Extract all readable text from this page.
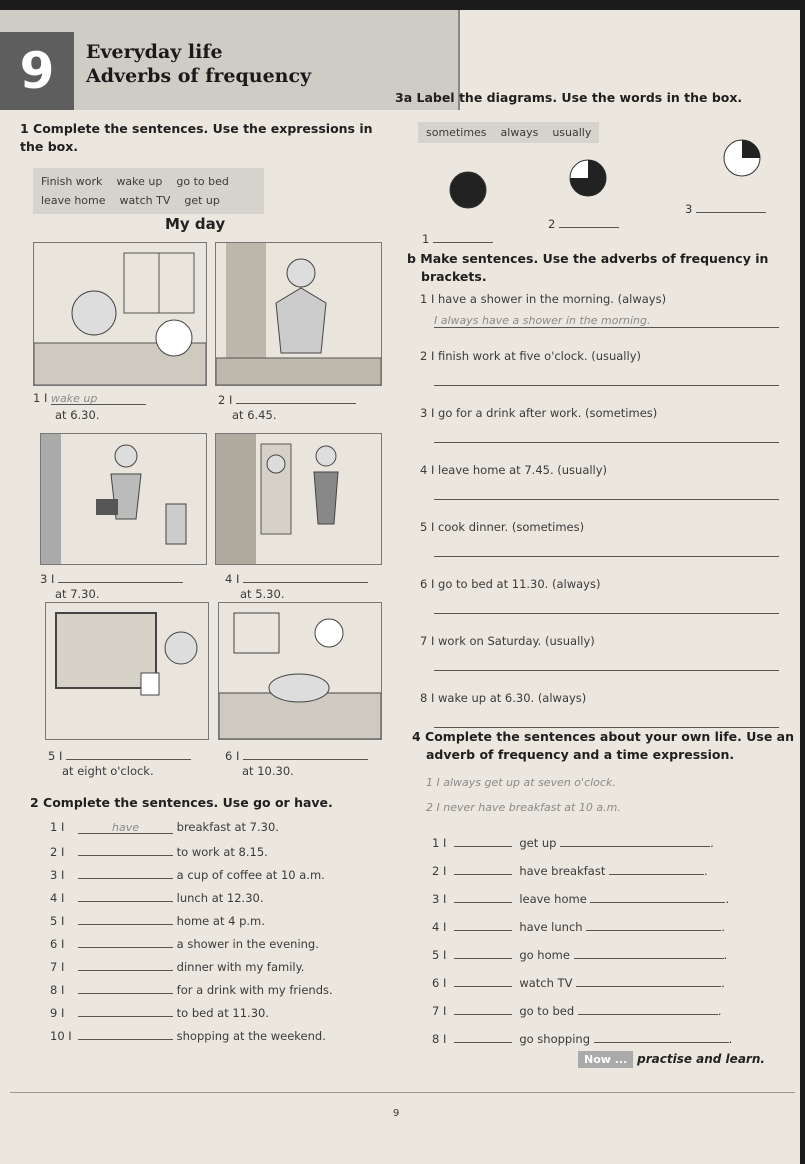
9	Everyday life
Adverbs of frequency
1 Complete the sentences. Use the expressions in the box.
Finish work wake up go to bed
leave home watch TV get up
My day
1 I wake up
at 6.30.
2 I
at 6.45.
3 I
at 7.30.
4 I
at 5.30.
5 I
at eight o'clock.
6 I
at 10.30.
2 Complete the sentences. Use go or have.
1 I	have	breakfast at 7.30.
2 I	to work at 8.15.
3 I	a cup of coffee at 10 a.m.
4 I	lunch at 12.30.
5 I	home at 4 p.m.
6 I	a shower in the evening.
7 I	dinner with my family.
8 I	for a drink with my friends.
9 I	to bed at 11.30.
10 I	shopping at the weekend.
3a Label the diagrams. Use the words in the box.
sometimes always usually
1
2
3
b Make sentences. Use the adverbs of frequency in
brackets.
1 I have a shower in the morning. (always)
I always have a shower in the morning.
2 I finish work at five o'clock. (usually)
3 I go for a drink after work. (sometimes)
4 I leave home at 7.45. (usually)
5 I cook dinner. (sometimes)
6 I go to bed at 11.30. (always)
7 I work on Saturday. (usually)
8 I wake up at 6.30. (always)
4 Complete the sentences about your own life. Use an
adverb of frequency and a time expression.
1 I always get up at seven o'clock.
2 I never have breakfast at 10 a.m.
1 I	get up	.
2 I	have breakfast	.
3 I	leave home	.
4 I	have lunch	.
5 I	go home	.
6 I	watch TV	.
7 I	go to bed	.
8 I	go shopping	.
Now ... practise and learn.
9
